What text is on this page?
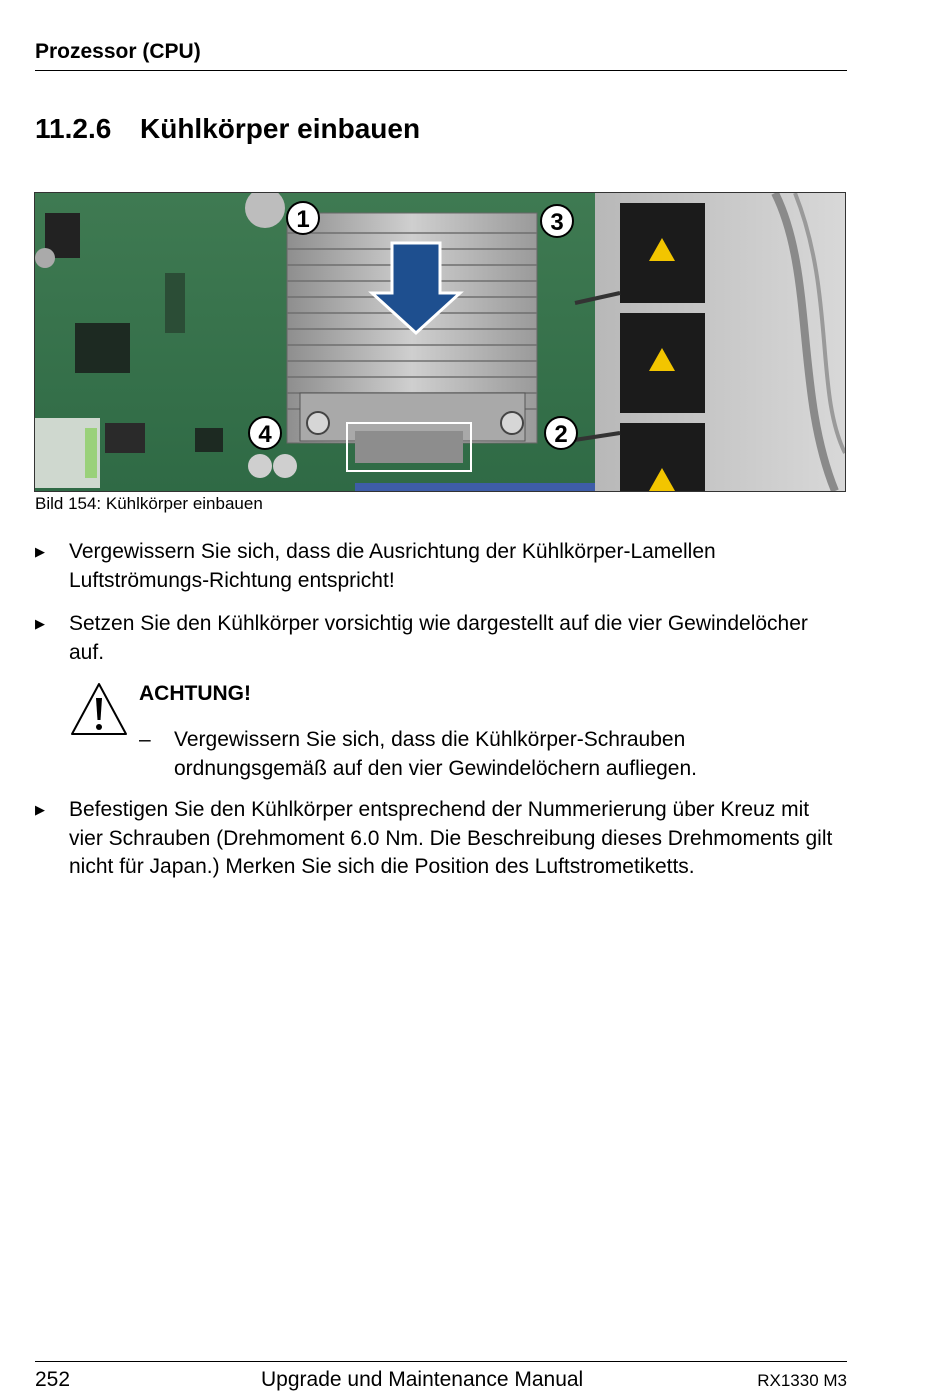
Prozessor (CPU)
11.2.6 Kühlkörper einbauen
1
2
3
4
Bild 154: Kühlkörper einbauen
▶ Vergewissern Sie sich, dass die Ausrichtung der Kühlkörper-Lamellen Luftströmungs-Richtung entspricht!
▶ Setzen Sie den Kühlkörper vorsichtig wie dargestellt auf die vier Gewindelöcher auf.
ACHTUNG!
– Vergewissern Sie sich, dass die Kühlkörper-Schrauben ordnungsgemäß auf den vier Gewindelöchern aufliegen.
▶ Befestigen Sie den Kühlkörper entsprechend der Nummerierung über Kreuz mit vier Schrauben (Drehmoment 6.0 Nm. Die Beschreibung dieses Drehmoments gilt nicht für Japan.) Merken Sie sich die Position des Luftstrometiketts.
252	Upgrade und Maintenance Manual	RX1330 M3
